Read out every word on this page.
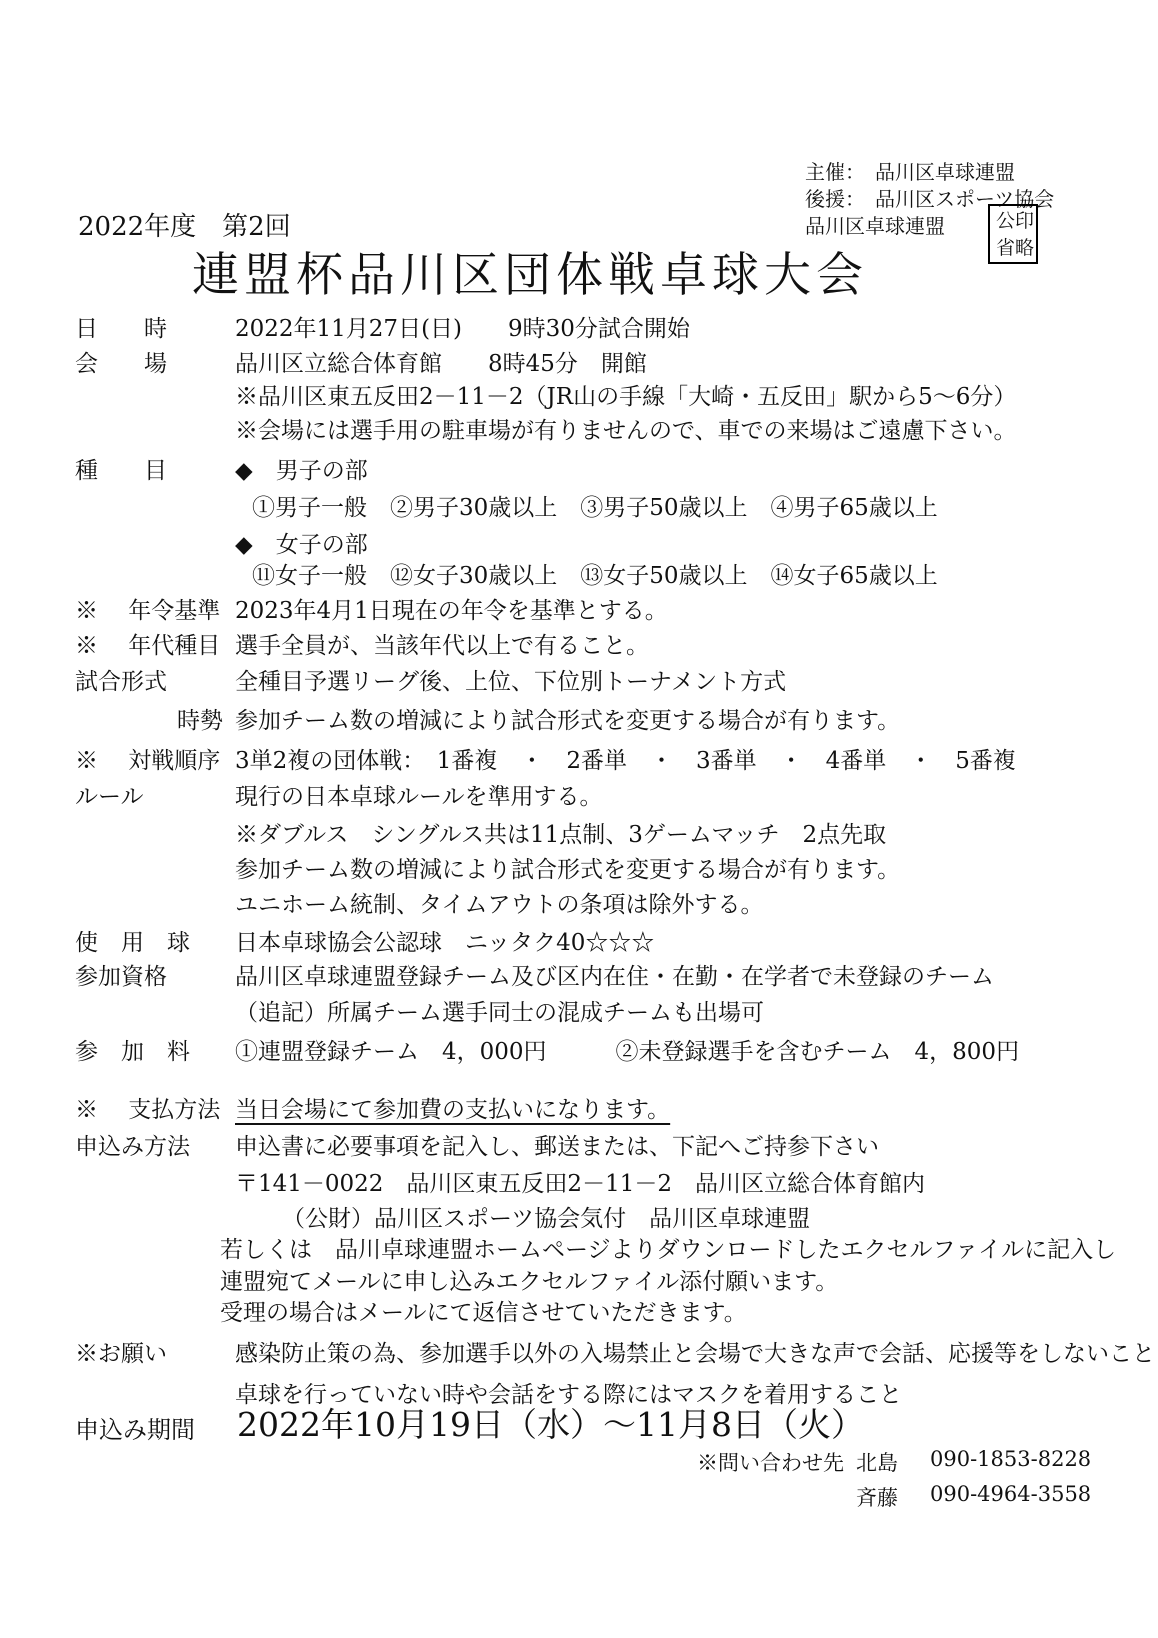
主催：　品川区卓球連盟
後援：　品川区スポーツ協会
品川区卓球連盟	公印
省略
2022年度　第2回
連盟杯品川区団体戦卓球大会
日　　時	2022年11月27日(日)　　9時30分試合開始
会　　場	品川区立総合体育館　　8時45分　開館
※品川区東五反田2－11－2（JR山の手線「大崎・五反田」駅から5～6分）
※会場には選手用の駐車場が有りませんので、車での来場はご遠慮下さい。
種　　目	◆　男子の部
①男子一般　②男子30歳以上　③男子50歳以上　④男子65歳以上
◆　女子の部
⑪女子一般　⑫女子30歳以上　⑬女子50歳以上　⑭女子65歳以上
※　 年令基準 2023年4月1日現在の年令を基準とする。
※　 年代種目 選手全員が、当該年代以上で有ること。
試合形式	全種目予選リーグ後、上位、下位別トーナメント方式
時勢 参加チーム数の増減により試合形式を変更する場合が有ります。
※　 対戦順序 3単2複の団体戦：　1番複　・　2番単　・　3番単　・　4番単　・　5番複
ルール	現行の日本卓球ルールを準用する。
※ダブルス　シングルス共は11点制、3ゲームマッチ　2点先取
参加チーム数の増減により試合形式を変更する場合が有ります。
ユニホーム統制、タイムアウトの条項は除外する。
使　用　球 日本卓球協会公認球　ニッタク40☆☆☆
参加資格	品川区卓球連盟登録チーム及び区内在住・在勤・在学者で未登録のチーム
（追記）所属チーム選手同士の混成チームも出場可
参　加　料 ①連盟登録チーム　4，000円　　　②未登録選手を含むチーム　4，800円
※　 支払方法 当日会場にて参加費の支払いになります。
申込み方法 申込書に必要事項を記入し、郵送または、下記へご持参下さい
〒141－0022　品川区東五反田2－11－2　品川区立総合体育館内
（公財）品川区スポーツ協会気付　品川区卓球連盟
若しくは　品川卓球連盟ホームページよりダウンロードしたエクセルファイルに記入し
連盟宛てメールに申し込みエクセルファイル添付願います。
受理の場合はメールにて返信させていただきます。
※お願い	感染防止策の為、参加選手以外の入場禁止と会場で大きな声で会話、応援等をしないこと
卓球を行っていない時や会話をする際にはマスクを着用すること
申込み期間 2022年10月19日（水）～11月8日（火）
※問い合わせ先 北島 090-1853-8228
斉藤 090-4964-3558
